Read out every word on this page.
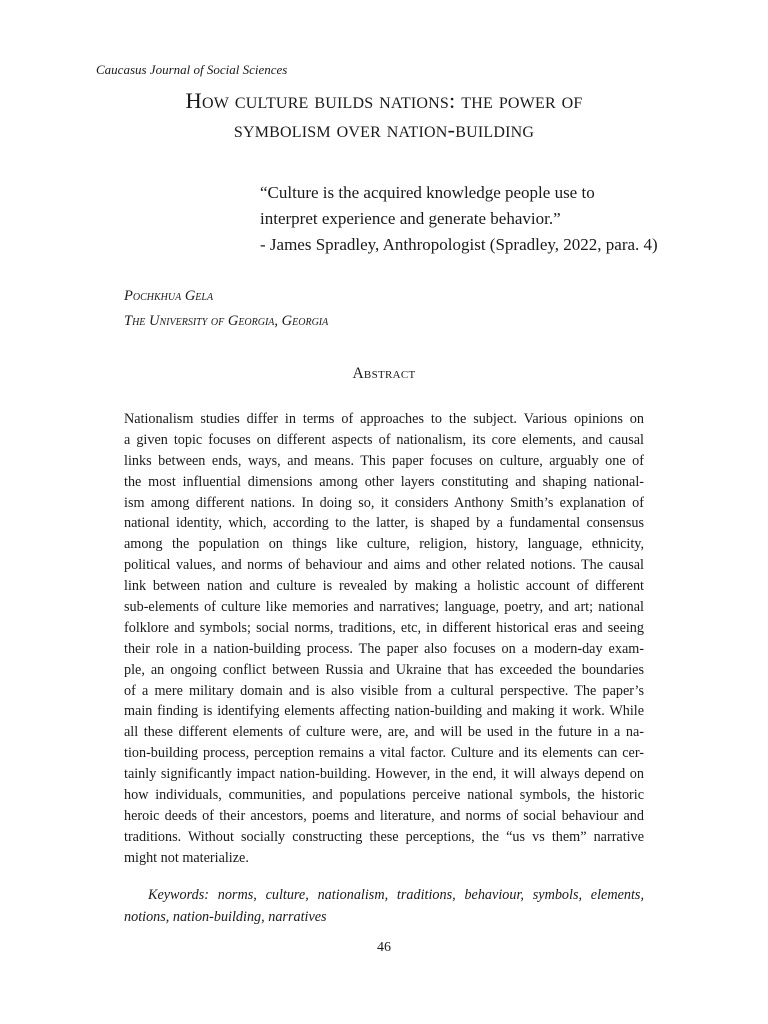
Caucasus Journal of Social Sciences
How culture builds nations: the power of
symbolism over nation-building
“Culture is the acquired knowledge people use to
interpret experience and generate behavior.”
- James Spradley, Anthropologist (Spradley, 2022, para. 4)
Pochkhua Gela
The University of Georgia, Georgia
Abstract
Nationalism studies differ in terms of approaches to the subject. Various opinions on
a given topic focuses on different aspects of nationalism, its core elements, and causal
links between ends, ways, and means. This paper focuses on culture, arguably one of
the most influential dimensions among other layers constituting and shaping national-
ism among different nations. In doing so, it considers Anthony Smith’s explanation of
national identity, which, according to the latter, is shaped by a fundamental consensus
among the population on things like culture, religion, history, language, ethnicity,
political values, and norms of behaviour and aims and other related notions. The causal
link between nation and culture is revealed by making a holistic account of different
sub-elements of culture like memories and narratives; language, poetry, and art; national
folklore and symbols; social norms, traditions, etc, in different historical eras and seeing
their role in a nation-building process. The paper also focuses on a modern-day exam-
ple, an ongoing conflict between Russia and Ukraine that has exceeded the boundaries
of a mere military domain and is also visible from a cultural perspective. The paper’s
main finding is identifying elements affecting nation-building and making it work. While
all these different elements of culture were, are, and will be used in the future in a na-
tion-building process, perception remains a vital factor. Culture and its elements can cer-
tainly significantly impact nation-building. However, in the end, it will always depend on
how individuals, communities, and populations perceive national symbols, the historic
heroic deeds of their ancestors, poems and literature, and norms of social behaviour and
traditions. Without socially constructing these perceptions, the “us vs them” narrative
might not materialize.
Keywords: norms, culture, nationalism, traditions, behaviour, symbols, elements,
notions, nation-building, narratives
46
